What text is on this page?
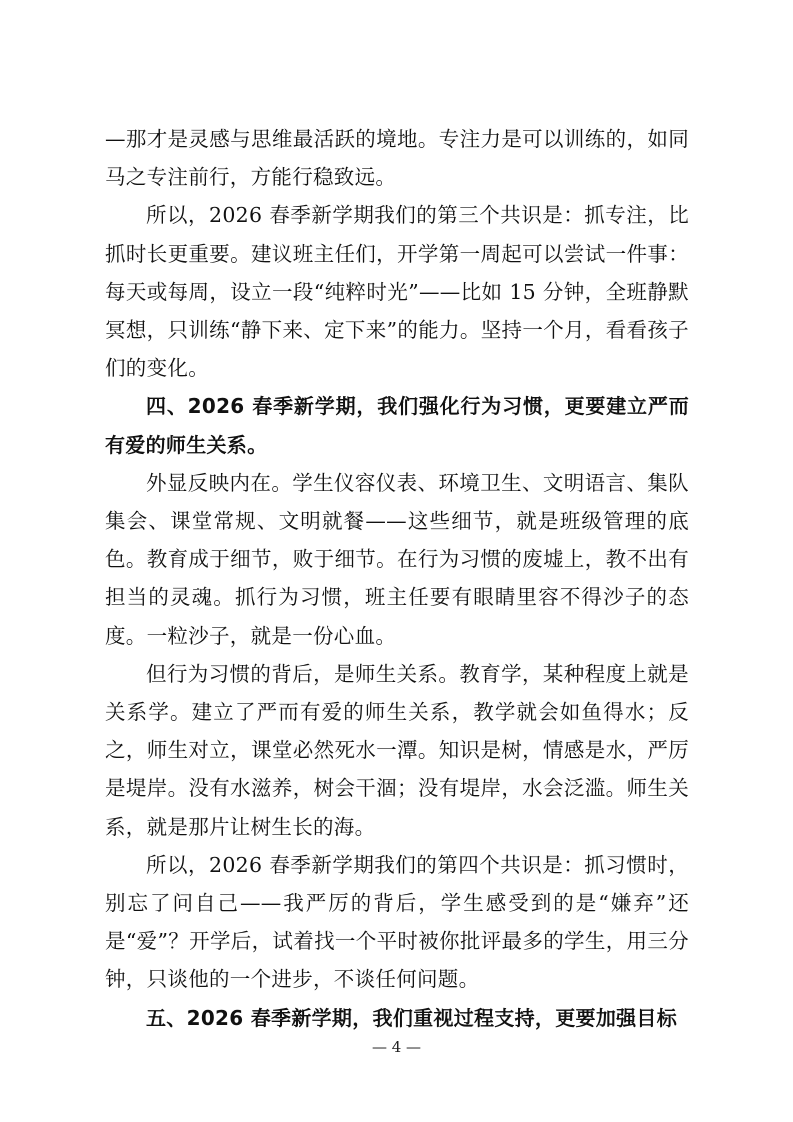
—那才是灵感与思维最活跃的境地。专注力是可以训练的，如同马之专注前行，方能行稳致远。

所以，2026 春季新学期我们的第三个共识是：抓专注，比抓时长更重要。建议班主任们，开学第一周起可以尝试一件事：每天或每周，设立一段“纯粹时光”——比如 15 分钟，全班静默冥想，只训练“静下来、定下来”的能力。坚持一个月，看看孩子们的变化。

四、2026 春季新学期，我们强化行为习惯，更要建立严而有爱的师生关系。

外显反映内在。学生仪容仪表、环境卫生、文明语言、集队集会、课堂常规、文明就餐——这些细节，就是班级管理的底色。教育成于细节，败于细节。在行为习惯的废墟上，教不出有担当的灵魂。抓行为习惯，班主任要有眼睛里容不得沙子的态度。一粒沙子，就是一份心血。

但行为习惯的背后，是师生关系。教育学，某种程度上就是关系学。建立了严而有爱的师生关系，教学就会如鱼得水；反之，师生对立，课堂必然死水一潭。知识是树，情感是水，严厉是堤岸。没有水滋养，树会干涸；没有堤岸，水会泛滥。师生关系，就是那片让树生长的海。

所以，2026 春季新学期我们的第四个共识是：抓习惯时，别忘了问自己——我严厉的背后，学生感受到的是“嫌弃”还是“爱”？开学后，试着找一个平时被你批评最多的学生，用三分钟，只谈他的一个进步，不谈任何问题。

五、2026 春季新学期，我们重视过程支持，更要加强目标

— 4 —
